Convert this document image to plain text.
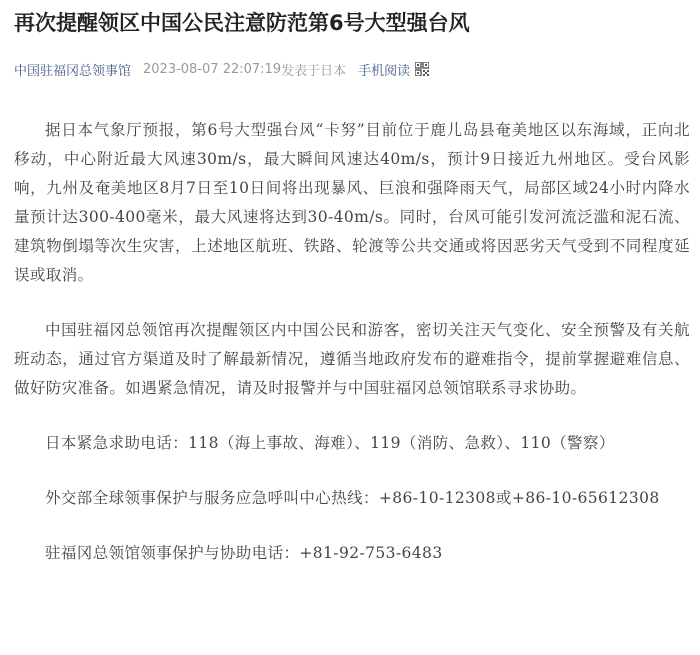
再次提醒领区中国公民注意防范第6号大型强台风
中国驻福冈总领事馆 2023-08-07 22:07:19 发表于日本 手机阅读

据日本气象厅预报，第6号大型强台风“卡努”目前位于鹿儿岛县奄美地区以东海域，正向北移动，中心附近最大风速30m/s，最大瞬间风速达40m/s，预计9日接近九州地区。受台风影响，九州及奄美地区8月7日至10日间将出现暴风、巨浪和强降雨天气，局部区域24小时内降水量预计达300-400毫米，最大风速将达到30-40m/s。同时，台风可能引发河流泛滥和泥石流、建筑物倒塌等次生灾害，上述地区航班、铁路、轮渡等公共交通或将因恶劣天气受到不同程度延误或取消。

中国驻福冈总领馆再次提醒领区内中国公民和游客，密切关注天气变化、安全预警及有关航班动态，通过官方渠道及时了解最新情况，遵循当地政府发布的避难指令，提前掌握避难信息、做好防灾准备。如遇紧急情况，请及时报警并与中国驻福冈总领馆联系寻求协助。

日本紧急求助电话：118（海上事故、海难）、119（消防、急救）、110（警察）

外交部全球领事保护与服务应急呼叫中心热线：+86-10-12308或+86-10-65612308

驻福冈总领馆领事保护与协助电话：+81-92-753-6483
